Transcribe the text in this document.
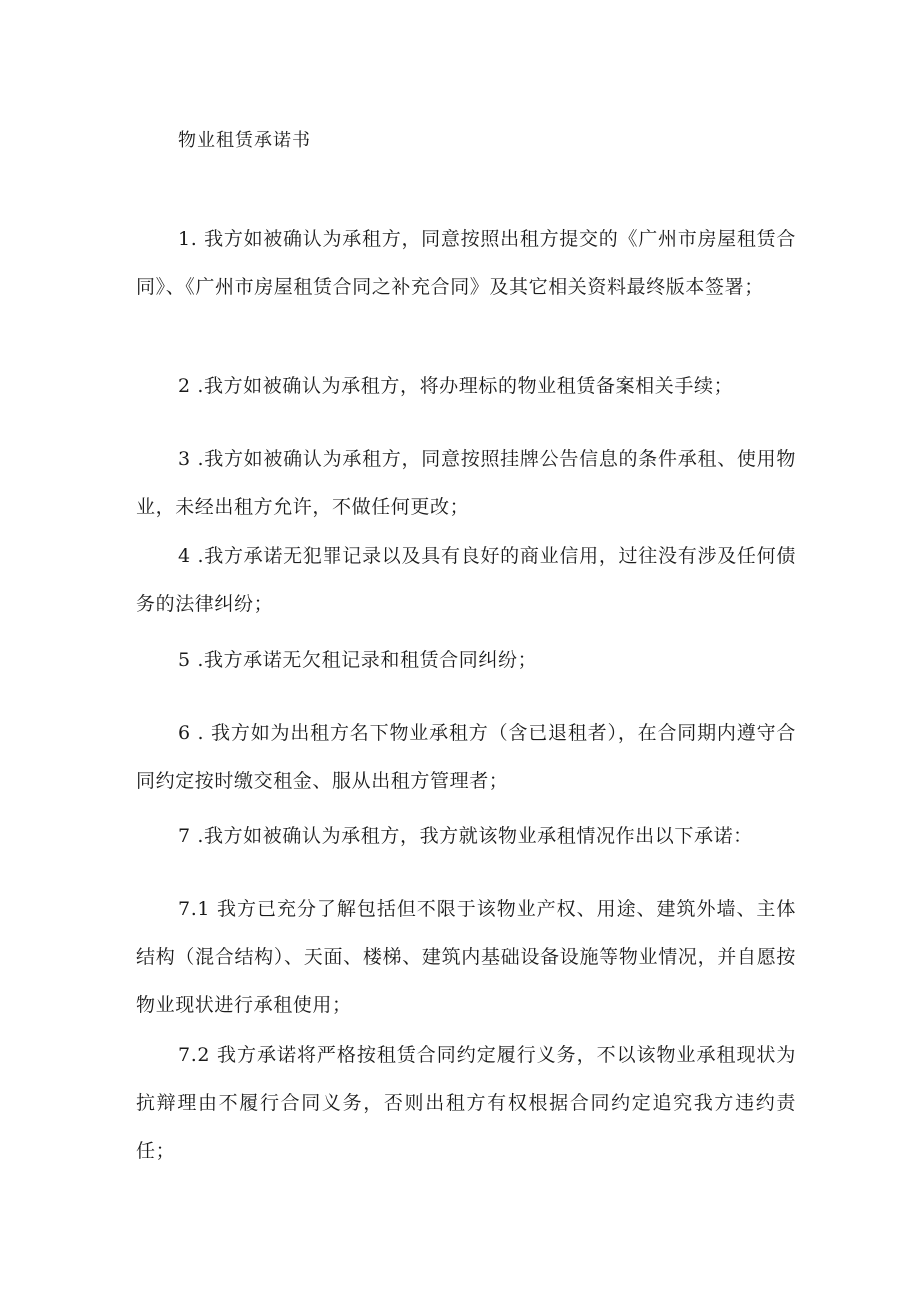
物业租赁承诺书

1. 我方如被确认为承租方，同意按照出租方提交的《广州市房屋租赁合同》、《广州市房屋租赁合同之补充合同》及其它相关资料最终版本签署；

2 .我方如被确认为承租方，将办理标的物业租赁备案相关手续；

3 .我方如被确认为承租方，同意按照挂牌公告信息的条件承租、使用物业，未经出租方允许，不做任何更改；

4 .我方承诺无犯罪记录以及具有良好的商业信用，过往没有涉及任何债务的法律纠纷；

5 .我方承诺无欠租记录和租赁合同纠纷；

6 . 我方如为出租方名下物业承租方（含已退租者），在合同期内遵守合同约定按时缴交租金、服从出租方管理者；

7 .我方如被确认为承租方，我方就该物业承租情况作出以下承诺：

7.1 我方已充分了解包括但不限于该物业产权、用途、建筑外墙、主体结构（混合结构）、天面、楼梯、建筑内基础设备设施等物业情况，并自愿按物业现状进行承租使用；

7.2 我方承诺将严格按租赁合同约定履行义务，不以该物业承租现状为抗辩理由不履行合同义务，否则出租方有权根据合同约定追究我方违约责任；
